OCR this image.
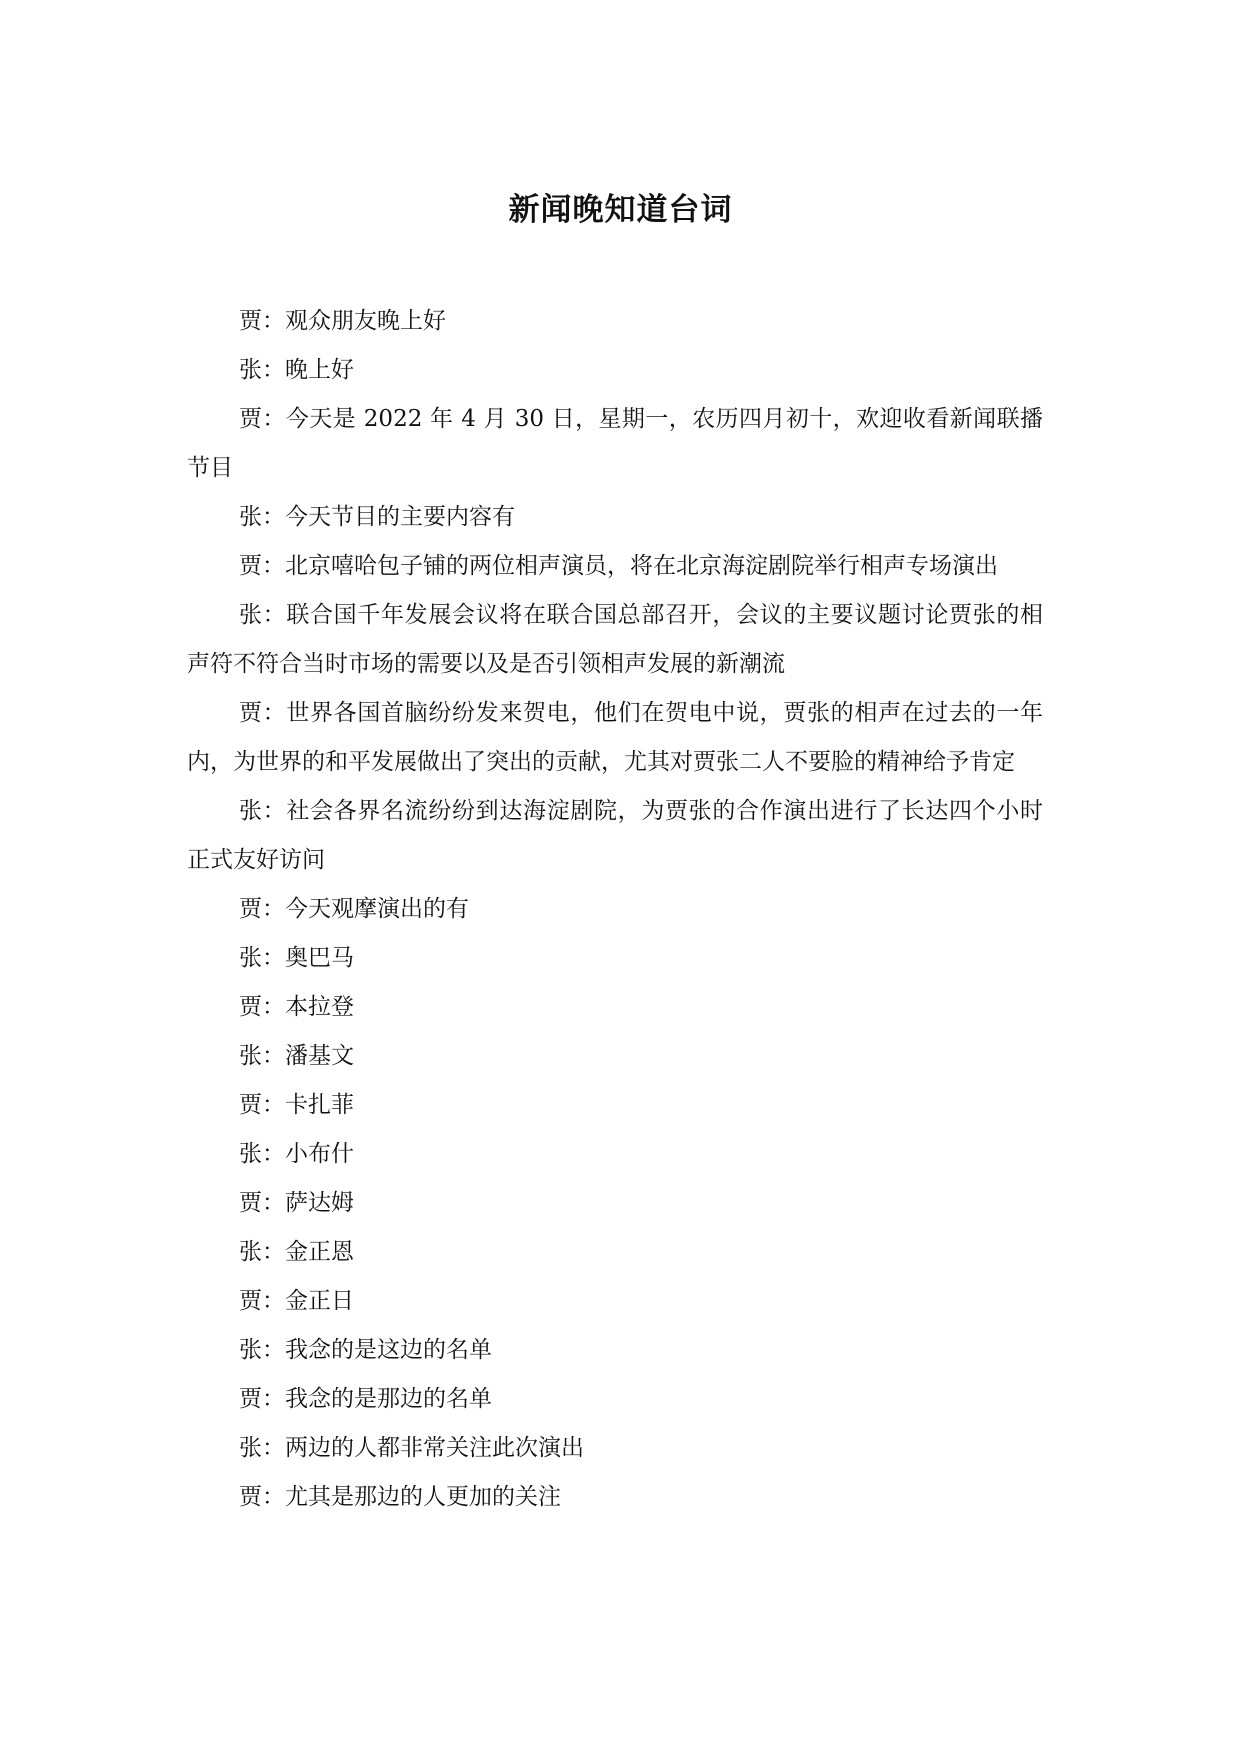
新闻晚知道台词

贾：观众朋友晚上好

张：晚上好

贾：今天是 2022 年 4 月 30 日，星期一，农历四月初十，欢迎收看新闻联播节目

张：今天节目的主要内容有

贾：北京嘻哈包子铺的两位相声演员，将在北京海淀剧院举行相声专场演出

张：联合国千年发展会议将在联合国总部召开，会议的主要议题讨论贾张的相声符不符合当时市场的需要以及是否引领相声发展的新潮流

贾：世界各国首脑纷纷发来贺电，他们在贺电中说，贾张的相声在过去的一年内，为世界的和平发展做出了突出的贡献，尤其对贾张二人不要脸的精神给予肯定

张：社会各界名流纷纷到达海淀剧院，为贾张的合作演出进行了长达四个小时正式友好访问

贾：今天观摩演出的有

张：奥巴马

贾：本拉登

张：潘基文

贾：卡扎菲

张：小布什

贾：萨达姆

张：金正恩

贾：金正日

张：我念的是这边的名单

贾：我念的是那边的名单

张：两边的人都非常关注此次演出

贾：尤其是那边的人更加的关注
